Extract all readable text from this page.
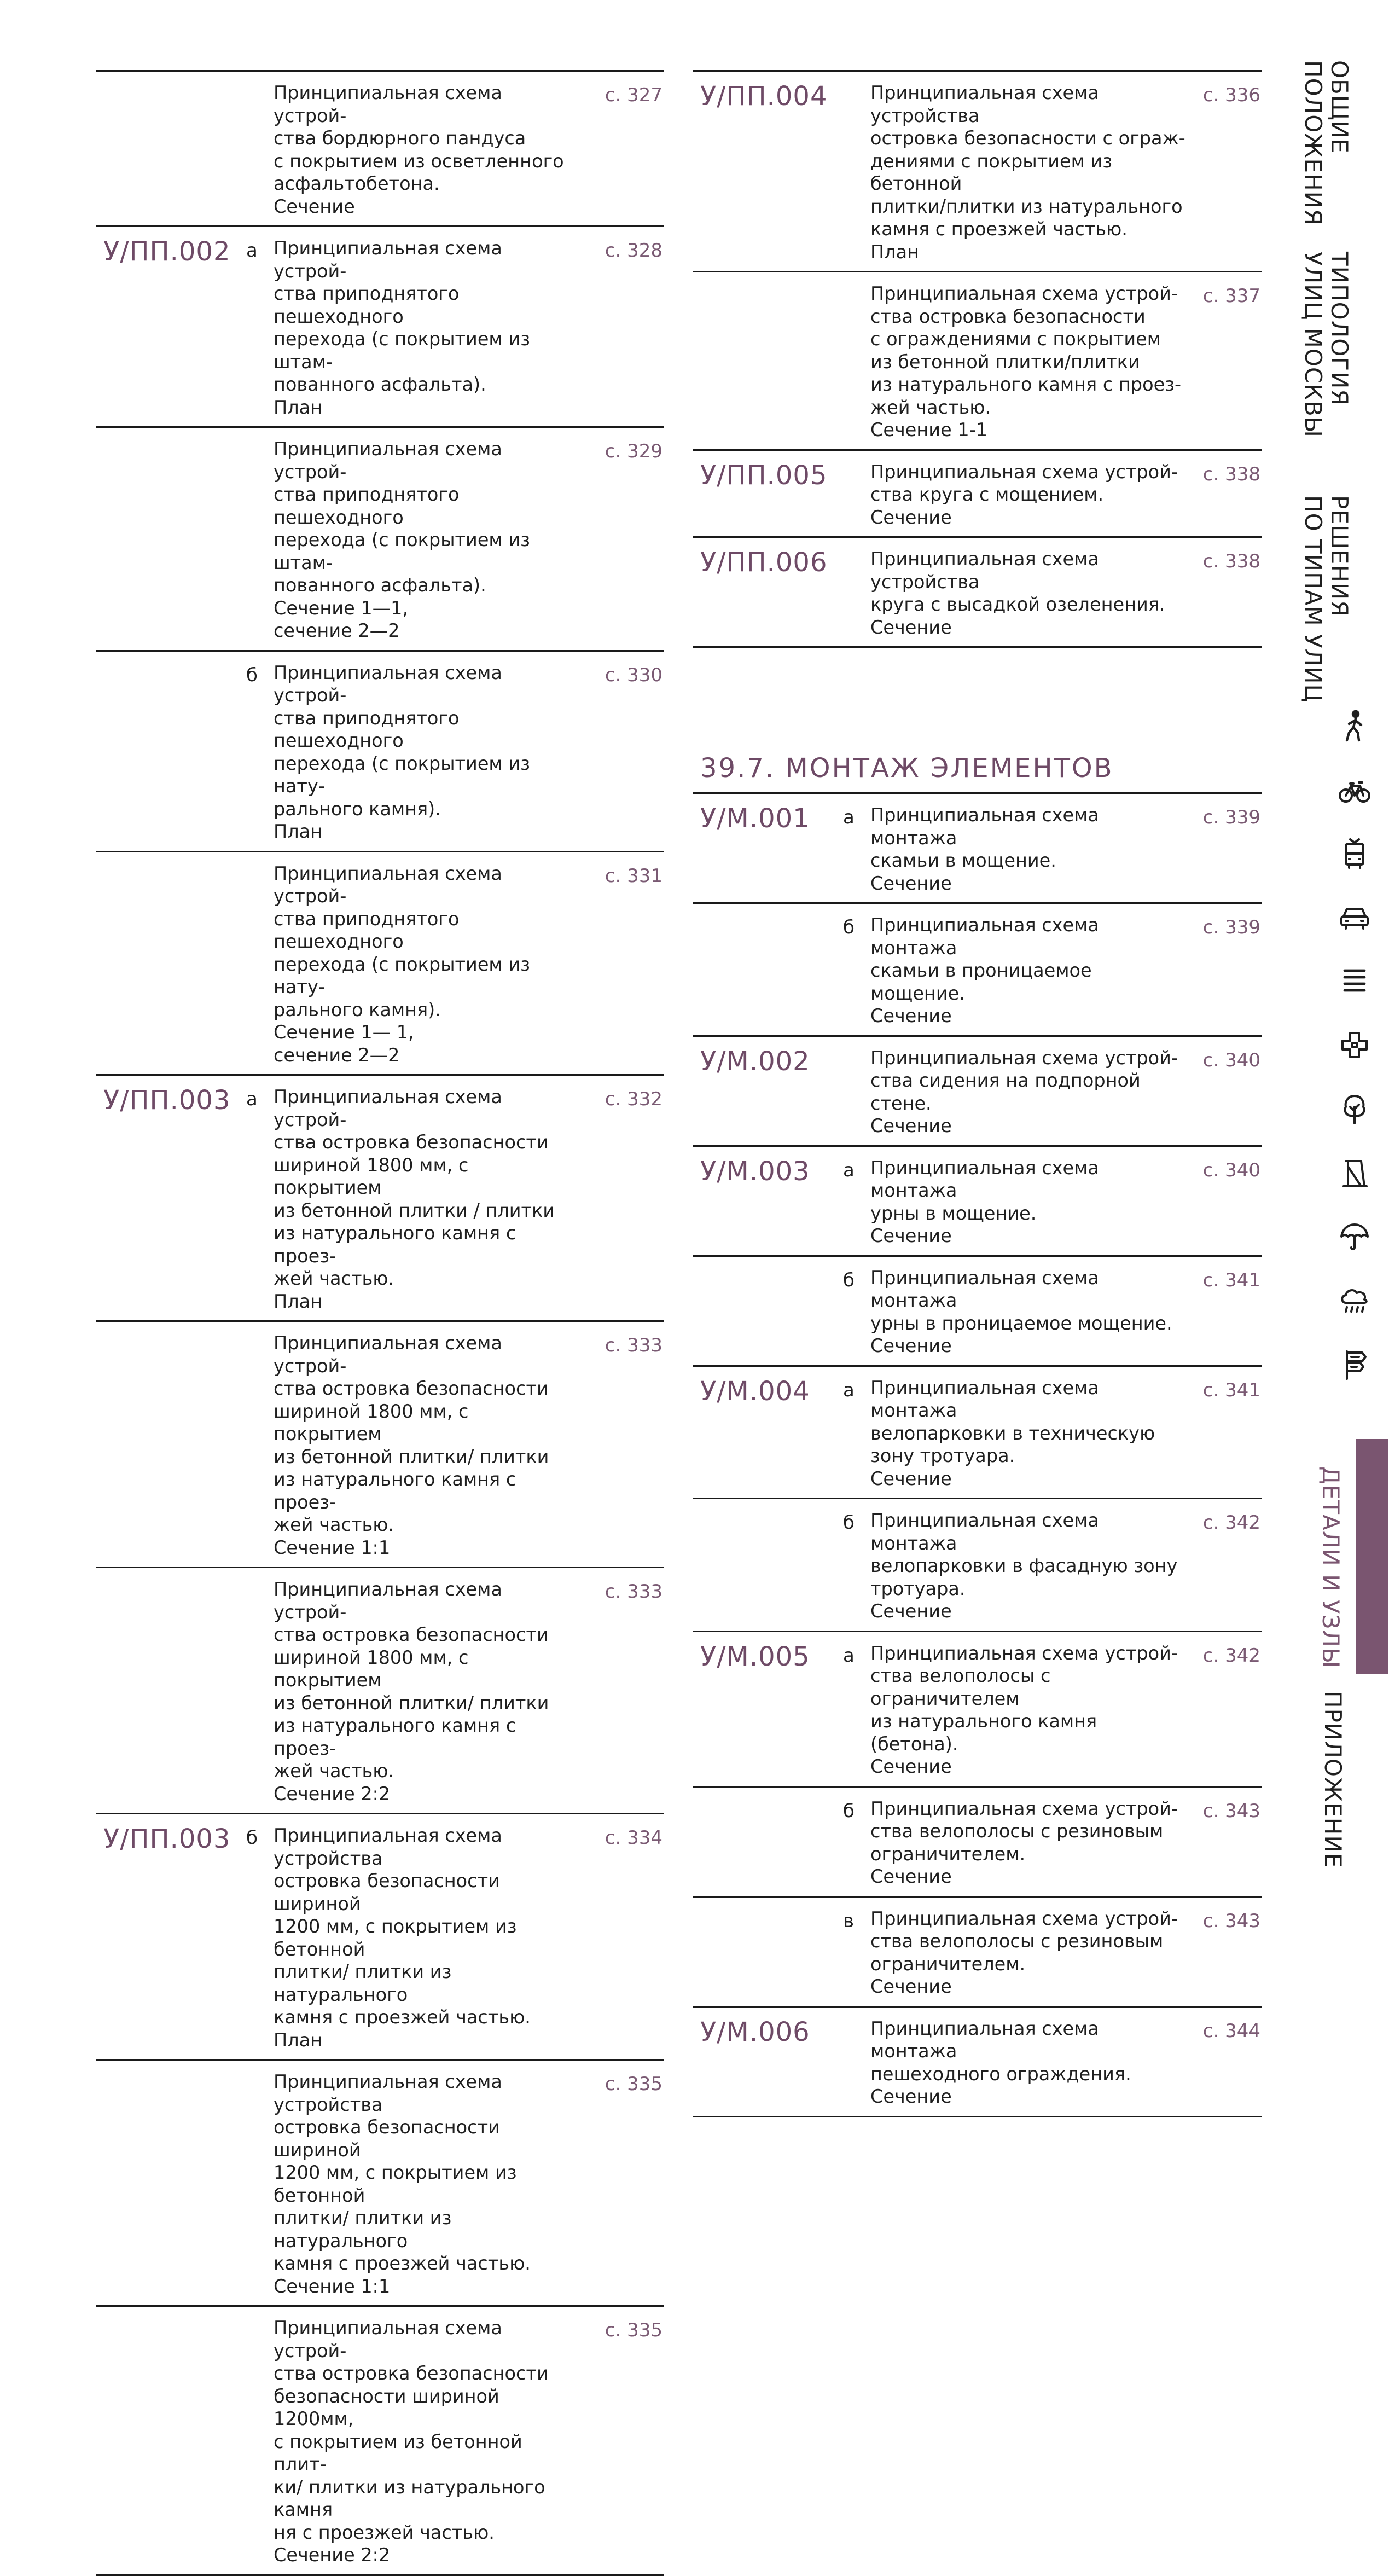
Принципиальная схема устрой-
ства бордюрного пандуса
с покрытием из осветленного
асфальтобетона.
Сечение
с. 327
У/ПП.002 а Принципиальная схема устрой-
ства приподнятого пешеходного
перехода (с покрытием из штам-
пованного асфальта).
План
с. 328
Принципиальная схема устрой-
ства приподнятого пешеходного
перехода (с покрытием из штам-
пованного асфальта).
Сечение 1—1,
сечение 2—2
с. 329
б Принципиальная схема устрой-
ства приподнятого пешеходного
перехода (с покрытием из нату-
рального камня).
План
с. 330
Принципиальная схема устрой-
ства приподнятого пешеходного
перехода (с покрытием из нату-
рального камня).
Сечение 1— 1,
сечение 2—2
с. 331
У/ПП.003 а Принципиальная схема устрой-
ства островка безопасности
шириной 1800 мм, с покрытием
из бетонной плитки / плитки
из натурального камня с проез-
жей частью.
План
с. 332
Принципиальная схема устрой-
ства островка безопасности
шириной 1800 мм, с покрытием
из бетонной плитки/ плитки
из натурального камня с проез-
жей частью.
Сечение 1:1
с. 333
Принципиальная схема устрой-
ства островка безопасности
шириной 1800 мм, с покрытием
из бетонной плитки/ плитки
из натурального камня с проез-
жей частью.
Сечение 2:2
с. 333
У/ПП.003 б Принципиальная схема устройства
островка безопасности шириной
1200 мм, с покрытием из бетонной
плитки/ плитки из натурального
камня с проезжей частью.
План
с. 334
Принципиальная схема устройства
островка безопасности шириной
1200 мм, с покрытием из бетонной
плитки/ плитки из натурального
камня с проезжей частью.
Сечение 1:1
с. 335
Принципиальная схема устрой-
ства островка безопасности
безопасности шириной 1200мм,
с покрытием из бетонной плит-
ки/ плитки из натурального камня
ня с проезжей частью.
Сечение 2:2
с. 335
У/ПП.004 Принципиальная схема устройства
островка безопасности с ограж-
дениями с покрытием из бетонной
плитки/плитки из натурального
камня с проезжей частью.
План
с. 336
Принципиальная схема устрой-
ства островка безопасности
с ограждениями с покрытием
из бетонной плитки/плитки
из натурального камня с проез-
жей частью.
Сечение 1-1
с. 337
У/ПП.005 Принципиальная схема устрой-
ства круга с мощением.
Сечение
с. 338
У/ПП.006 Принципиальная схема устройства
круга с высадкой озеленения.
Сечение
с. 338
39.7. МОНТАЖ ЭЛЕМЕНТОВ
У/М.001 а Принципиальная схема монтажа
скамьи в мощение.
Сечение
с. 339
б Принципиальная схема монтажа
скамьи в проницаемое мощение.
Сечение
с. 339
У/М.002	Принципиальная схема устрой-
ства сидения на подпорной стене.
Сечение
с. 340
У/М.003 а Принципиальная схема монтажа
урны в мощение.
Сечение
с. 340
б Принципиальная схема монтажа
урны в проницаемое мощение.
Сечение
с. 341
У/М.004 а Принципиальная схема монтажа
велопарковки в техническую
зону тротуара.
Сечение
с. 341
б Принципиальная схема монтажа
велопарковки в фасадную зону
тротуара.
Сечение
с. 342
У/М.005 а Принципиальная схема устрой-
ства велополосы с ограничителем
из натурального камня (бетона).
Сечение
с. 342
б Принципиальная схема устрой-
ства велополосы с резиновым
ограничителем.
Сечение
с. 343
в Принципиальная схема устрой-
ства велополосы с резиновым
ограничителем.
Сечение
с. 343
У/М.006	Принципиальная схема монтажа
пешеходного ограждения.
Сечение
с. 344
ОБЩИЕ
ПОЛОЖЕНИЯ
ТИПОЛОГИЯ
УЛИЦ МОСКВЫ
РЕШЕНИЯ
ПО ТИПАМ УЛИЦ
ДЕТАЛИ И УЗЛЫ
ПРИЛОЖЕНИЕ
